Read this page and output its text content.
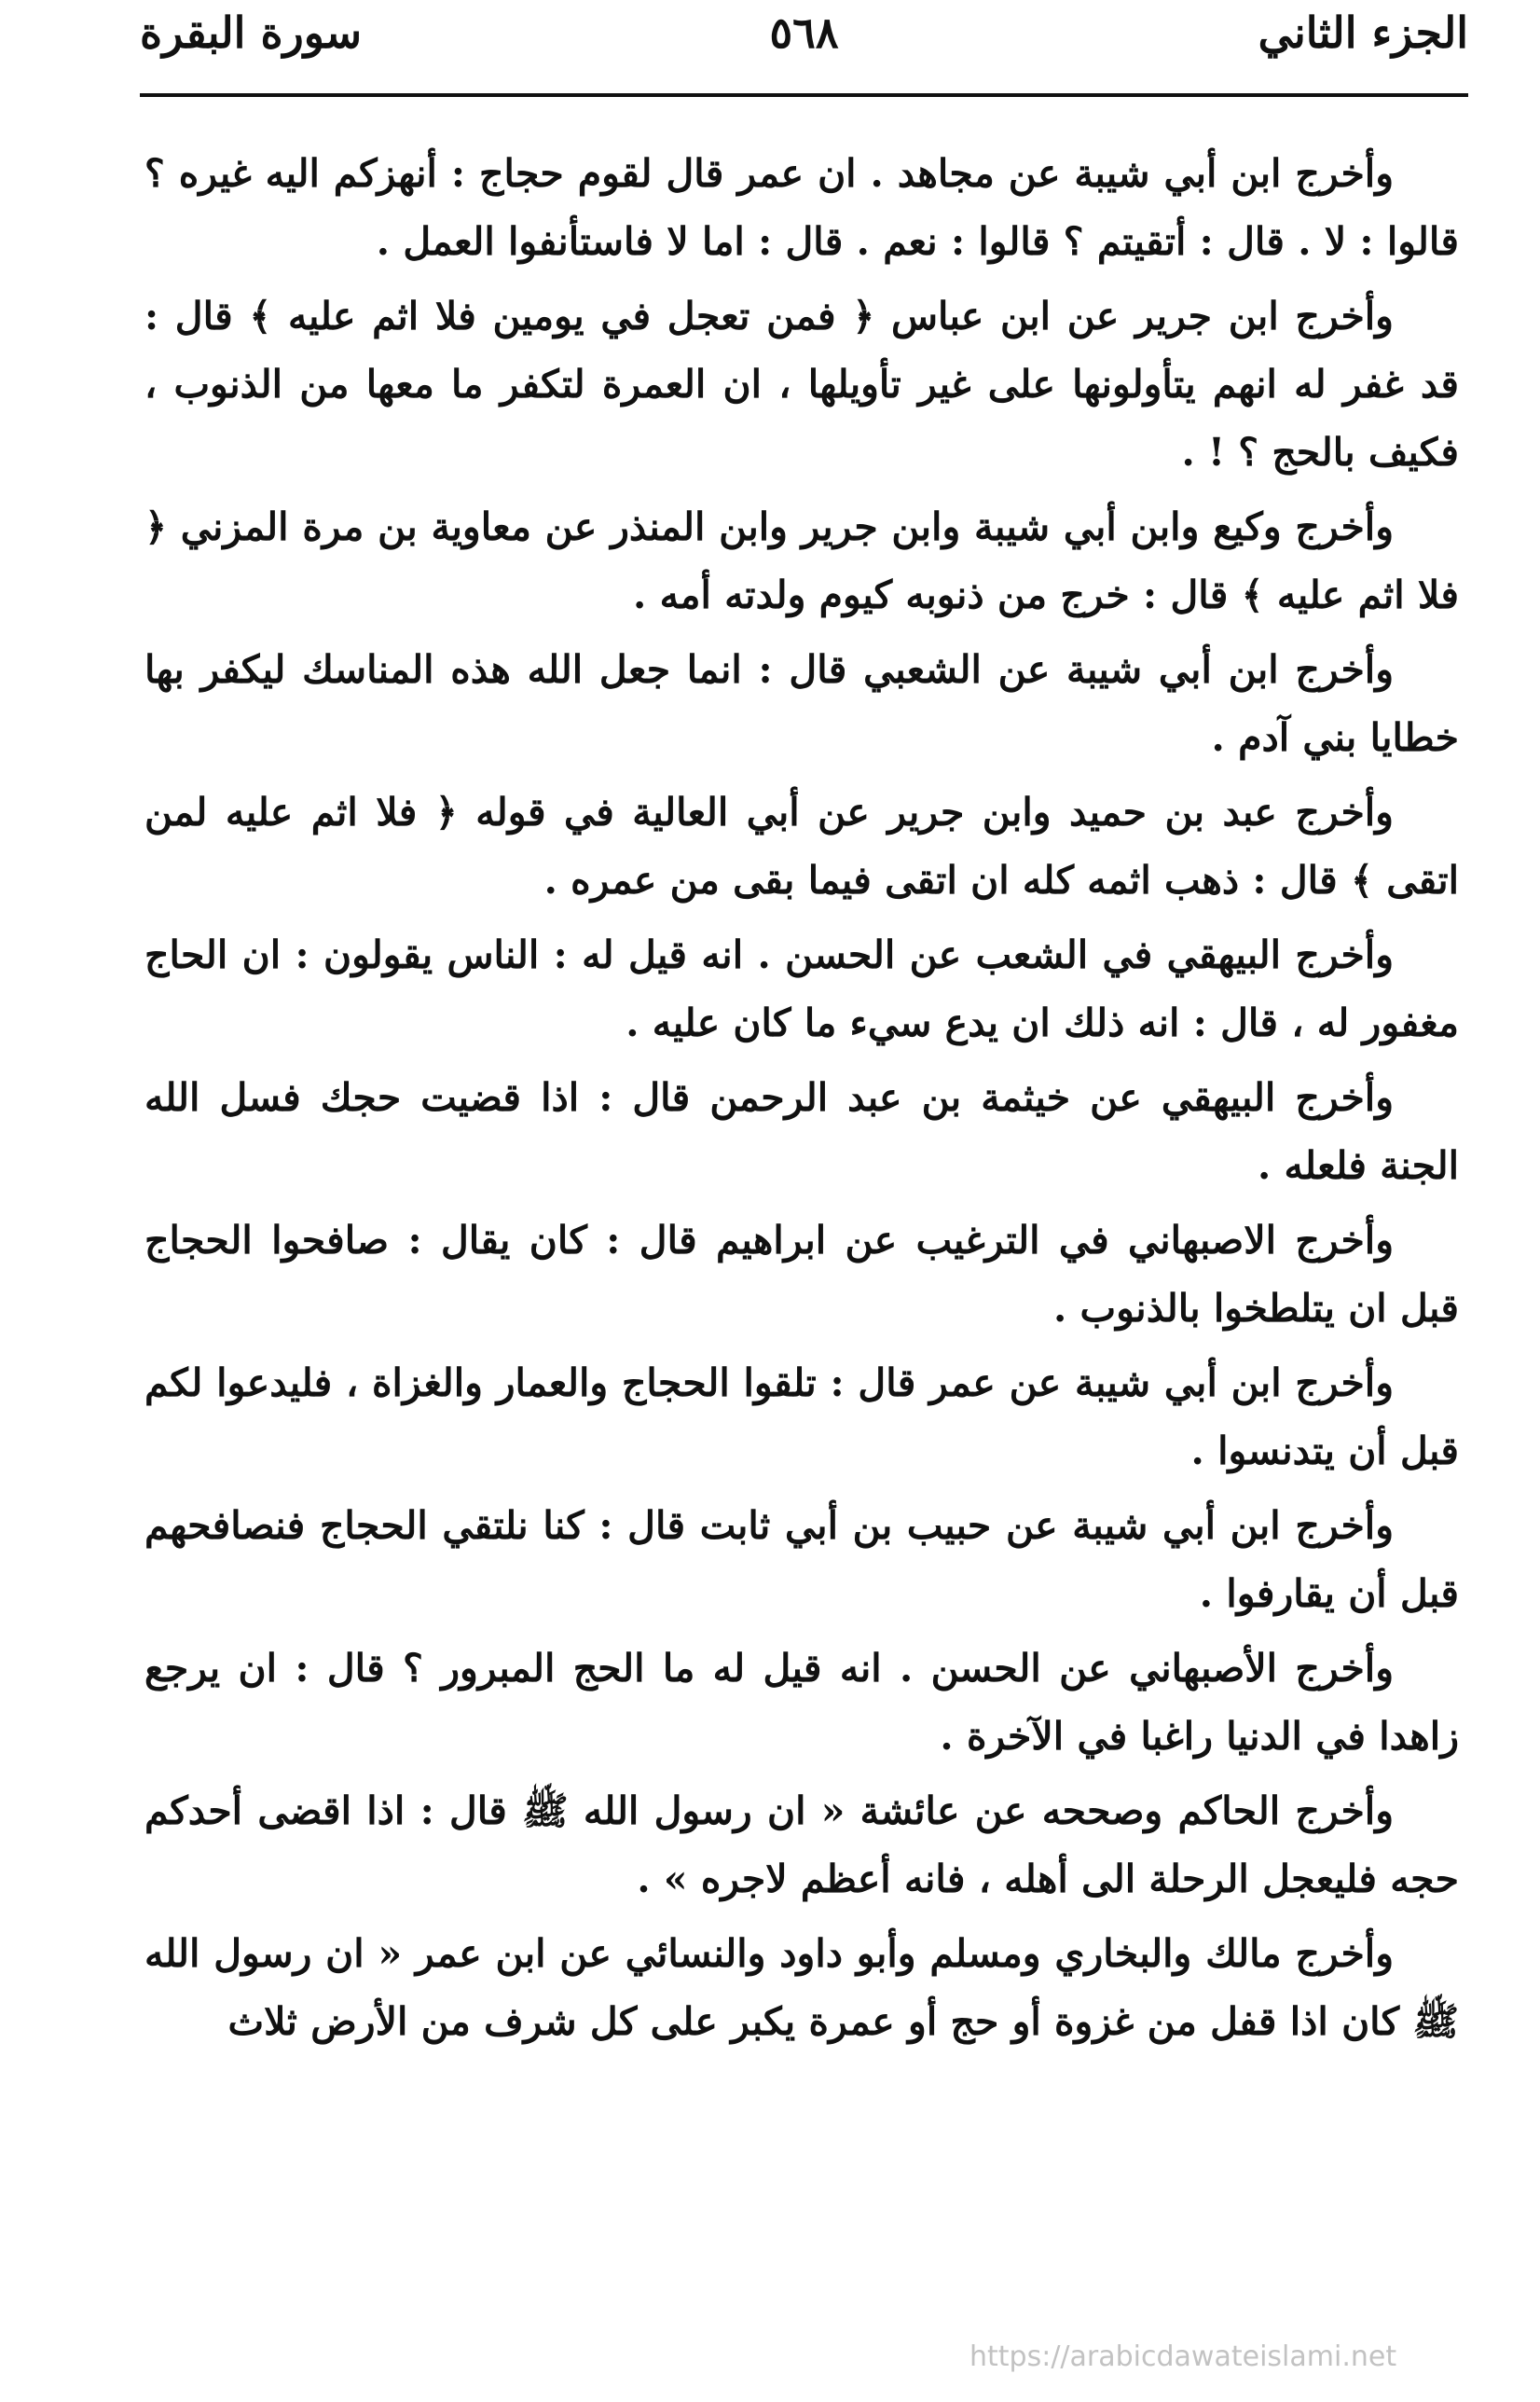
الجزء الثاني
٥٦٨
سورة البقرة

وأخرج ابن أبي شيبة عن مجاهد . ان عمر قال لقوم حجاج : أنهزكم اليه غيره ؟ قالوا : لا . قال : أتقيتم ؟ قالوا : نعم . قال : اما لا فاستأنفوا العمل .

وأخرج ابن جرير عن ابن عباس ﴿ فمن تعجل في يومين فلا اثم عليه ﴾ قال : قد غفر له انهم يتأولونها على غير تأويلها ، ان العمرة لتكفر ما معها من الذنوب ، فكيف بالحج ؟ ! .

وأخرج وكيع وابن أبي شيبة وابن جرير وابن المنذر عن معاوية بن مرة المزني ﴿ فلا اثم عليه ﴾ قال : خرج من ذنوبه كيوم ولدته أمه .

وأخرج ابن أبي شيبة عن الشعبي قال : انما جعل الله هذه المناسك ليكفر بها خطايا بني آدم .

وأخرج عبد بن حميد وابن جرير عن أبي العالية في قوله ﴿ فلا اثم عليه لمن اتقى ﴾ قال : ذهب اثمه كله ان اتقى فيما بقى من عمره .

وأخرج البيهقي في الشعب عن الحسن . انه قيل له : الناس يقولون : ان الحاج مغفور له ، قال : انه ذلك ان يدع سيء ما كان عليه .

وأخرج البيهقي عن خيثمة بن عبد الرحمن قال : اذا قضيت حجك فسل الله الجنة فلعله .

وأخرج الاصبهاني في الترغيب عن ابراهيم قال : كان يقال : صافحوا الحجاج قبل ان يتلطخوا بالذنوب .

وأخرج ابن أبي شيبة عن عمر قال : تلقوا الحجاج والعمار والغزاة ، فليدعوا لكم قبل أن يتدنسوا .

وأخرج ابن أبي شيبة عن حبيب بن أبي ثابت قال : كنا نلتقي الحجاج فنصافحهم قبل أن يقارفوا .

وأخرج الأصبهاني عن الحسن . انه قيل له ما الحج المبرور ؟ قال : ان يرجع زاهدا في الدنيا راغبا في الآخرة .

وأخرج الحاكم وصححه عن عائشة « ان رسول الله ﷺ قال : اذا اقضى أحدكم حجه فليعجل الرحلة الى أهله ، فانه أعظم لاجره » .

وأخرج مالك والبخاري ومسلم وأبو داود والنسائي عن ابن عمر « ان رسول الله ﷺ كان اذا قفل من غزوة أو حج أو عمرة يكبر على كل شرف من الأرض ثلاث

https://arabicdawateislami.net
